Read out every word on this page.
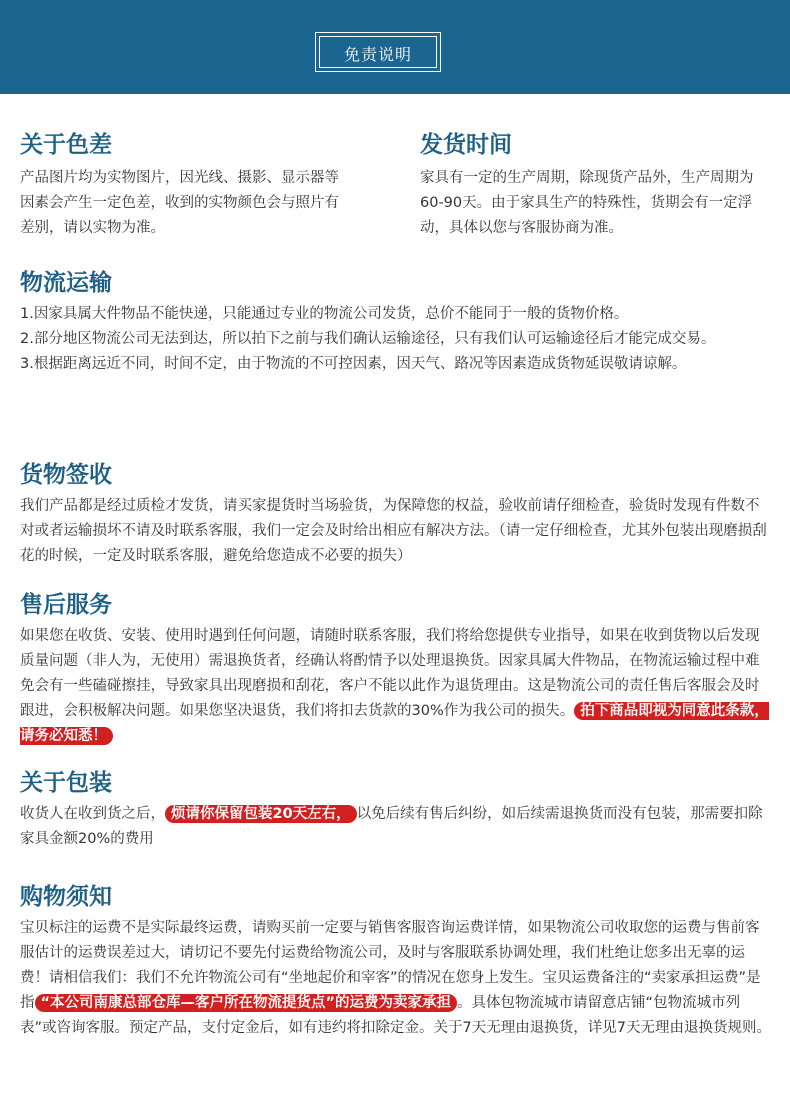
免责说明
关于色差

产品图片均为实物图片，因光线、摄影、显示器等因素会产生一定色差，收到的实物颜色会与照片有差别，请以实物为准。

发货时间

家具有一定的生产周期，除现货产品外，生产周期为60-90天。由于家具生产的特殊性，货期会有一定浮动，具体以您与客服协商为准。

物流运输

1.因家具属大件物品不能快递，只能通过专业的物流公司发货，总价不能同于一般的货物价格。

2.部分地区物流公司无法到达，所以拍下之前与我们确认运输途径，只有我们认可运输途径后才能完成交易。

3.根据距离远近不同，时间不定，由于物流的不可控因素，因天气、路况等因素造成货物延误敬请谅解。

货物签收

我们产品都是经过质检才发货，请买家提货时当场验货，为保障您的权益，验收前请仔细检查，验货时发现有件数不对或者运输损坏不请及时联系客服，我们一定会及时给出相应有解决方法。（请一定仔细检查，尤其外包装出现磨损刮花的时候，一定及时联系客服，避免给您造成不必要的损失）

售后服务

如果您在收货、安装、使用时遇到任何问题，请随时联系客服，我们将给您提供专业指导，如果在收到货物以后发现质量问题（非人为，无使用）需退换货者，经确认将酌情予以处理退换货。因家具属大件物品，在物流运输过程中难免会有一些磕碰擦挂，导致家具出现磨损和刮花，客户不能以此作为退货理由。这是物流公司的责任售后客服会及时跟进，会积极解决问题。如果您坚决退货，我们将扣去货款的30%作为我公司的损失。 拍下商品即视为同意此条款，请务必知悉！

关于包装

收货人在收到货之后， 烦请你保留包装20天左右， 以免后续有售后纠纷，如后续需退换货而没有包装，那需要扣除家具金额20%的费用

购物须知

宝贝标注的运费不是实际最终运费，请购买前一定要与销售客服咨询运费详情，如果物流公司收取您的运费与售前客服估计的运费误差过大，请切记不要先付运费给物流公司，及时与客服联系协调处理，我们杜绝让您多出无辜的运费！请相信我们：我们不允许物流公司有“坐地起价和宰客”的情况在您身上发生。宝贝运费备注的“卖家承担运费”是指 “本公司南康总部仓库—客户所在物流提货点”的运费为卖家承担 。具体包物流城市请留意店铺“包物流城市列表”或咨询客服。预定产品，支付定金后，如有违约将扣除定金。关于7天无理由退换货，详见7天无理由退换货规则。
